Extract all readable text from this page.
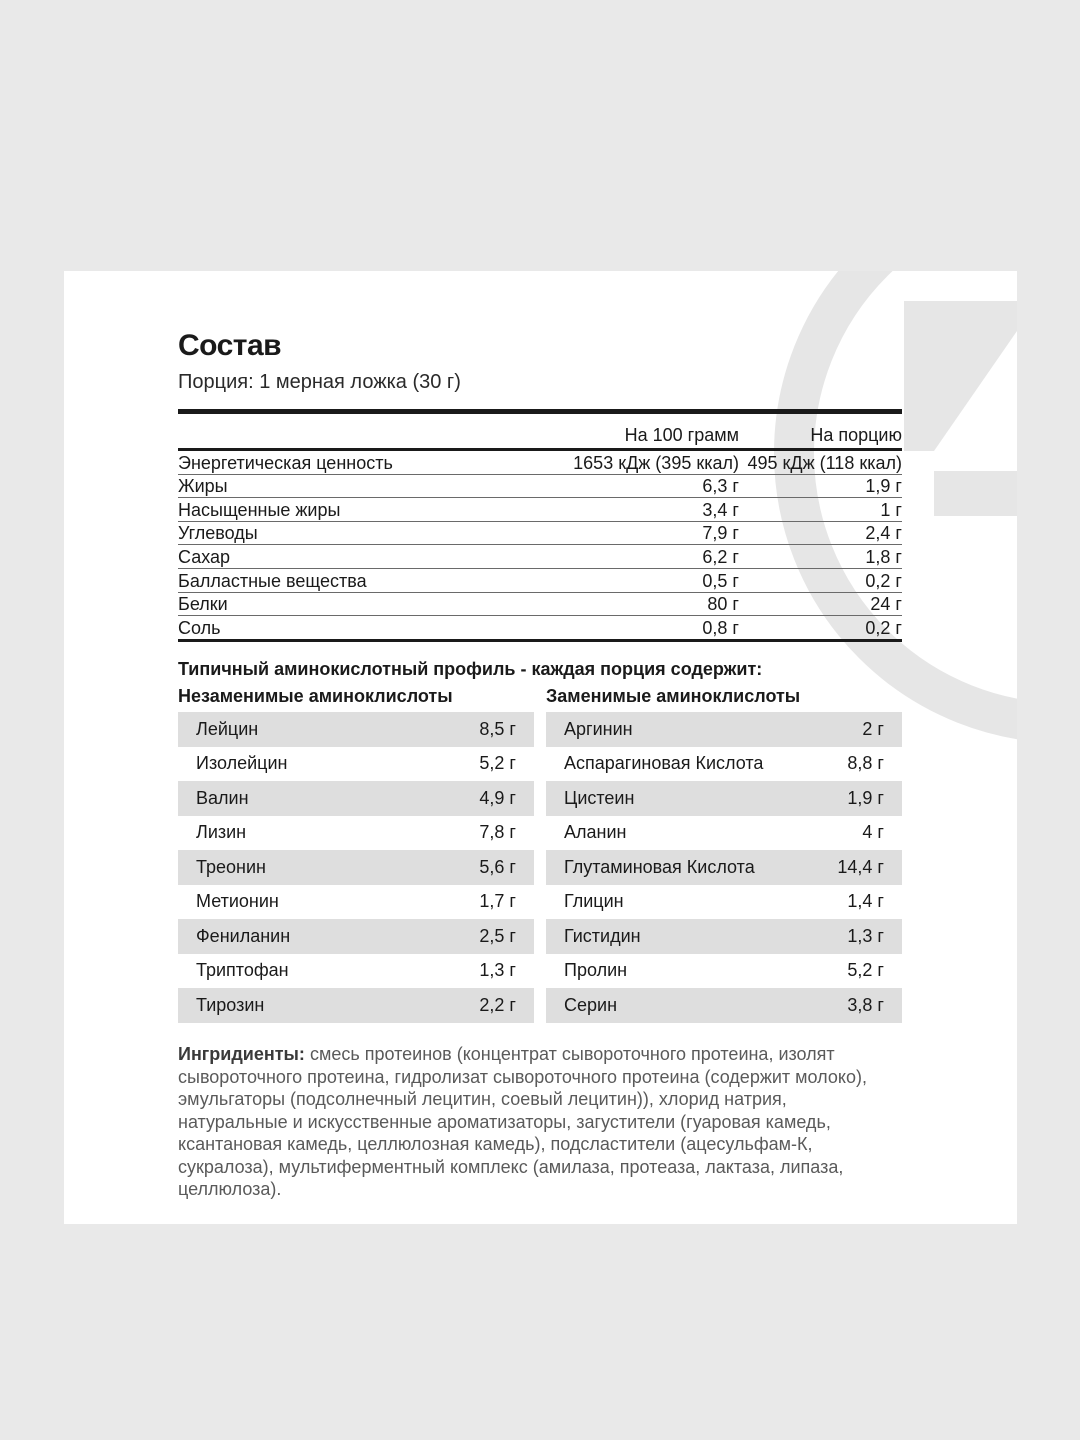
Состав
Порция: 1 мерная ложка (30 г)
На 100 грамм	На порцию
Энергетическая ценность	1653 кДж (395 ккал) 495 кДж (118 ккал)
Жиры	6,3 г	1,9 г
Насыщенные жиры	3,4 г	1 г
Углеводы	7,9 г	2,4 г
Сахар	6,2 г	1,8 г
Балластные вещества	0,5 г	0,2 г
Белки	80 г	24 г
Соль	0,8 г	0,2 г
Типичный аминокислотный профиль - каждая порция содержит:
Незаменимые аминоклислоты	Заменимые аминоклислоты
Лейцин	8,5 г
Изолейцин	5,2 г
Валин	4,9 г
Лизин	7,8 г
Треонин	5,6 г
Метионин	1,7 г
Фениланин	2,5 г
Триптофан	1,3 г
Тирозин	2,2 г
Аргинин	2 г
Аспарагиновая Кислота	8,8 г
Цистеин	1,9 г
Аланин	4 г
Глутаминовая Кислота	14,4 г
Глицин	1,4 г
Гистидин	1,3 г
Пролин	5,2 г
Серин	3,8 г
Ингридиенты: смесь протеинов (концентрат сывороточного протеина, изолят сывороточного протеина, гидролизат сывороточного протеина (содержит молоко), эмульгаторы (подсолнечный лецитин, соевый лецитин)), хлорид натрия, натуральные и искусственные ароматизаторы, загустители (гуаровая камедь, ксантановая камедь, целлюлозная камедь), подсластители (ацесульфам-К, сукралоза), мультиферментный комплекс (амилаза, протеаза, лактаза, липаза, целлюлоза).
